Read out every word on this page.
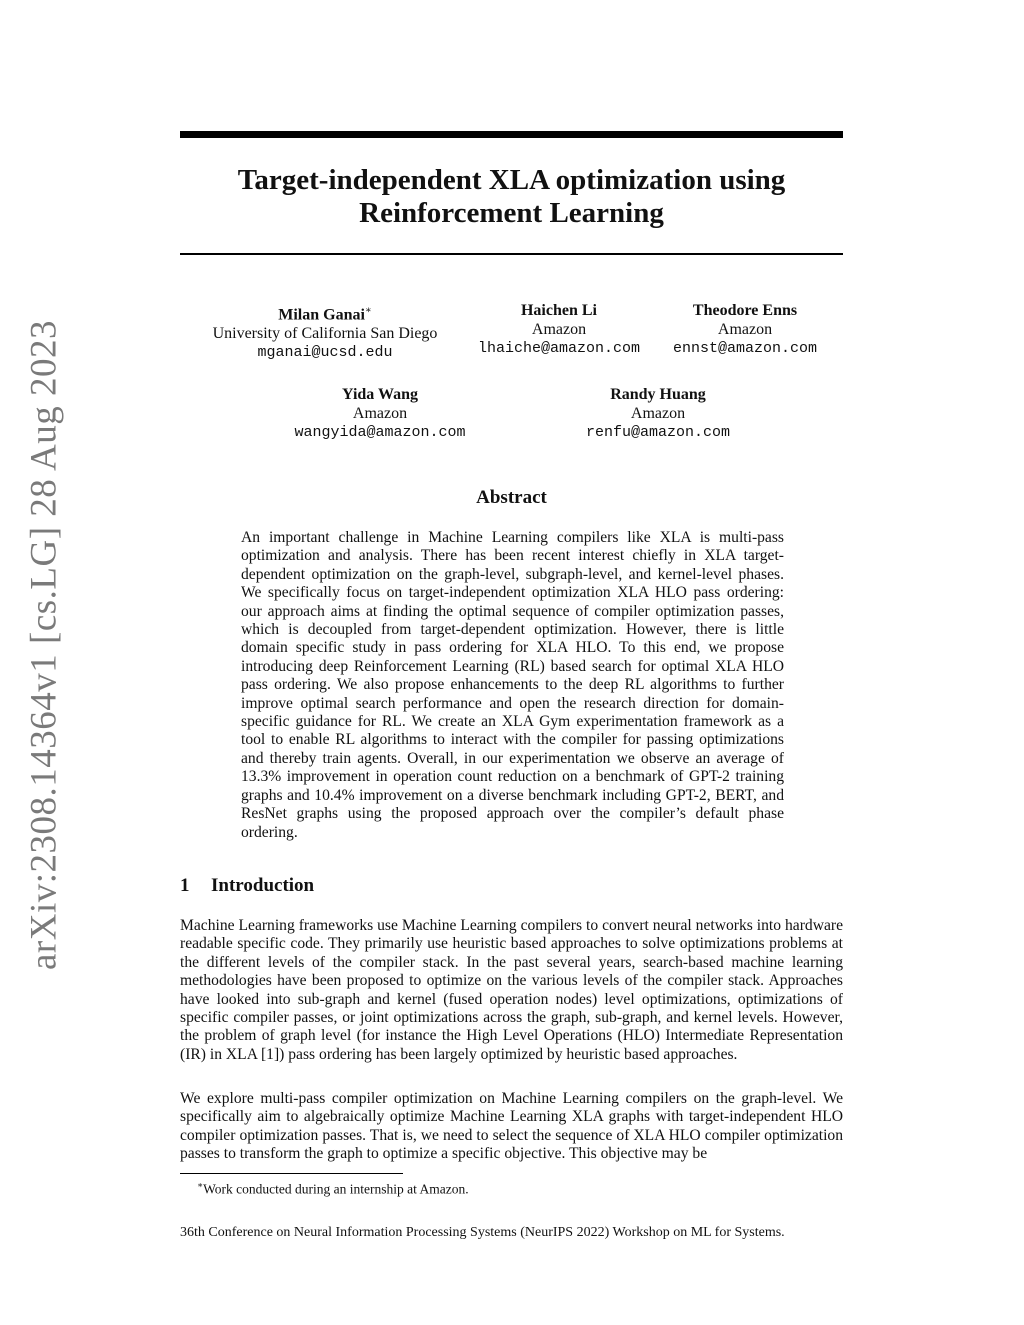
arXiv:2308.14364v1 [cs.LG] 28 Aug 2023
Target-independent XLA optimization using
Reinforcement Learning
Milan Ganai∗
University of California San Diego
mganai@ucsd.edu
Haichen Li
Amazon
lhaiche@amazon.com
Theodore Enns
Amazon
ennst@amazon.com
Yida Wang
Amazon
wangyida@amazon.com
Randy Huang
Amazon
renfu@amazon.com
Abstract
An important challenge in Machine Learning compilers like XLA is multi-pass optimization and analysis. There has been recent interest chiefly in XLA target-dependent optimization on the graph-level, subgraph-level, and kernel-level phases. We specifically focus on target-independent optimization XLA HLO pass ordering: our approach aims at finding the optimal sequence of compiler optimization passes, which is decoupled from target-dependent optimization. However, there is little domain specific study in pass ordering for XLA HLO. To this end, we propose introducing deep Reinforcement Learning (RL) based search for optimal XLA HLO pass ordering. We also propose enhancements to the deep RL algorithms to further improve optimal search performance and open the research direction for domain-specific guidance for RL. We create an XLA Gym experimentation framework as a tool to enable RL algorithms to interact with the compiler for passing optimizations and thereby train agents. Overall, in our experimentation we observe an average of 13.3% improvement in operation count reduction on a benchmark of GPT-2 training graphs and 10.4% improvement on a diverse benchmark including GPT-2, BERT, and ResNet graphs using the proposed approach over the compiler’s default phase ordering.
1 Introduction
Machine Learning frameworks use Machine Learning compilers to convert neural networks into hardware readable specific code. They primarily use heuristic based approaches to solve optimizations problems at the different levels of the compiler stack. In the past several years, search-based machine learning methodologies have been proposed to optimize on the various levels of the compiler stack. Approaches have looked into sub-graph and kernel (fused operation nodes) level optimizations, optimizations of specific compiler passes, or joint optimizations across the graph, sub-graph, and kernel levels. However, the problem of graph level (for instance the High Level Operations (HLO) Intermediate Representation (IR) in XLA [1]) pass ordering has been largely optimized by heuristic based approaches.
We explore multi-pass compiler optimization on Machine Learning compilers on the graph-level. We specifically aim to algebraically optimize Machine Learning XLA graphs with target-independent HLO compiler optimization passes. That is, we need to select the sequence of XLA HLO compiler optimization passes to transform the graph to optimize a specific objective. This objective may be
∗Work conducted during an internship at Amazon.
36th Conference on Neural Information Processing Systems (NeurIPS 2022) Workshop on ML for Systems.
